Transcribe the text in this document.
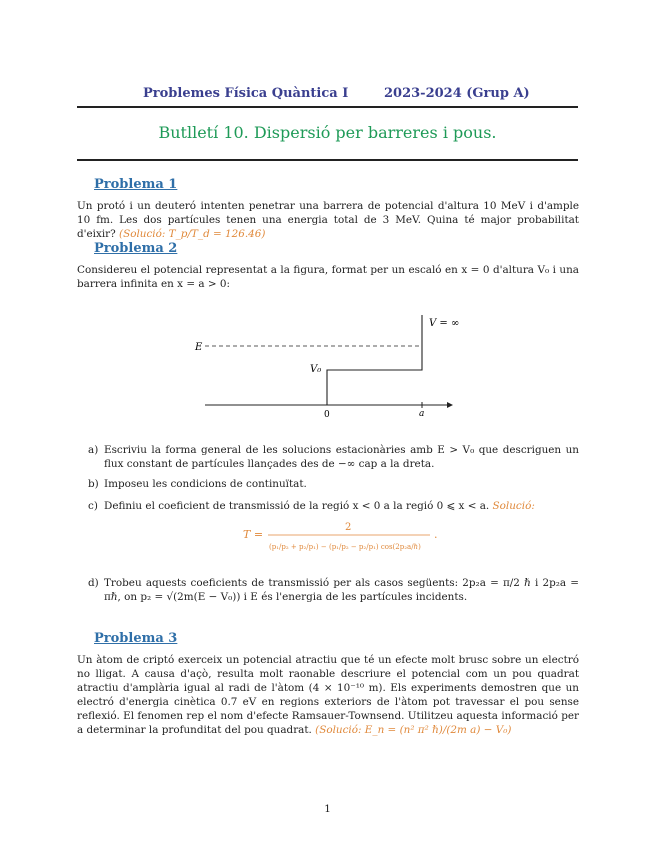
Problemes Física Quàntica I	2023-2024 (Grup A)
Butlletí 10. Dispersió per barreres i pous.
Problema 1
Un protó i un deuteró intenten penetrar una barrera de potencial d'altura 10 MeV i d'ample 10 fm. Les dos partícules tenen una energia total de 3 MeV. Quina té major probabilitat d'eixir? (Solució: T_p/T_d = 126.46)
Problema 2
Considereu el potencial representat a la figura, format per un escaló en x = 0 d'altura V₀ i una barrera infinita en x = a > 0:
E
V₀
V = ∞
0	a
a) Escriviu la forma general de les solucions estacionàries amb E > V₀ que descriguen un flux constant de partícules llançades des de −∞ cap a la dreta.
b) Imposeu les condicions de continuïtat.
c) Definiu el coeficient de transmissió de la regió x < 0 a la regió 0 ⩽ x < a. Solució:
T =
2
(p₁/p₂ + p₂/p₁) − (p₁/p₂ − p₂/p₁) cos(2p₂a/ℏ)
.
d) Trobeu aquests coeficients de transmissió per als casos següents: 2p₂a = π/2 ℏ i 2p₂a = πℏ, on p₂ = √(2m(E − V₀)) i E és l'energia de les partícules incidents.
Problema 3
Un àtom de criptó exerceix un potencial atractiu que té un efecte molt brusc sobre un electró no lligat. A causa d'açò, resulta molt raonable descriure el potencial com un pou quadrat atractiu d'amplària igual al radi de l'àtom (4 × 10⁻¹⁰ m). Els experiments demostren que un electró d'energia cinètica 0.7 eV en regions exteriors de l'àtom pot travessar el pou sense reflexió. El fenomen rep el nom d'efecte Ramsauer-Townsend. Utilitzeu aquesta informació per a determinar la profunditat del pou quadrat. (Solució: E_n = (n² π² ℏ)/(2m a) − V₀)
1
